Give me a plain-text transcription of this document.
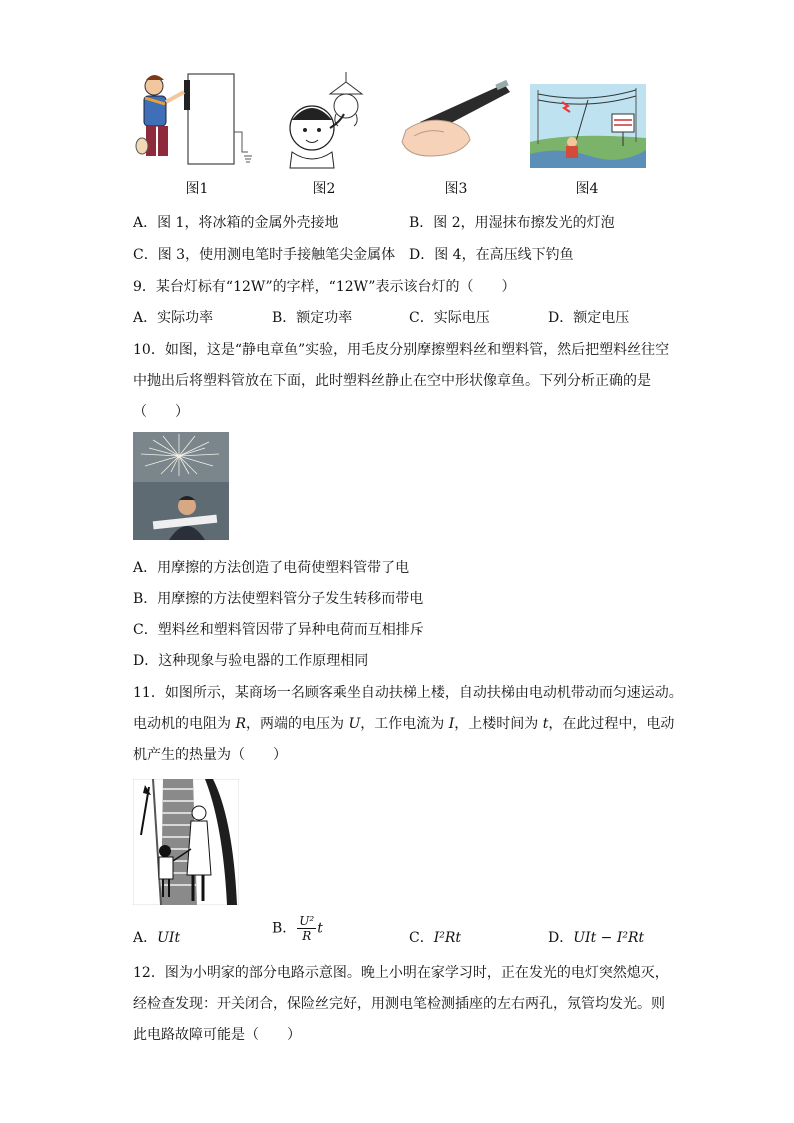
图1	图2	图3	图4
A．图 1，将冰箱的金属外壳接地	B．图 2，用湿抹布擦发光的灯泡
C．图 3，使用测电笔时手接触笔尖金属体 D．图 4，在高压线下钓鱼
9．某台灯标有“12W”的字样，“12W”表示该台灯的（　　）
A．实际功率	B．额定功率	C．实际电压	D．额定电压
10．如图，这是“静电章鱼”实验，用毛皮分别摩擦塑料丝和塑料管，然后把塑料丝往空
中抛出后将塑料管放在下面，此时塑料丝静止在空中形状像章鱼。下列分析正确的是
（　　）
A．用摩擦的方法创造了电荷使塑料管带了电
B．用摩擦的方法使塑料管分子发生转移而带电
C．塑料丝和塑料管因带了异种电荷而互相排斥
D．这种现象与验电器的工作原理相同
11．如图所示，某商场一名顾客乘坐自动扶梯上楼，自动扶梯由电动机带动而匀速运动。
电动机的电阻为 R，两端的电压为 U，工作电流为 I，上楼时间为 t，在此过程中，电动
机产生的热量为（　　）
A．UIt
B． $\frac{\text{U²}}{R}$ t
C．I²Rt	D．UIt − I²Rt
12．图为小明家的部分电路示意图。晚上小明在家学习时，正在发光的电灯突然熄灭，
经检查发现：开关闭合，保险丝完好，用测电笔检测插座的左右两孔，氖管均发光。则
此电路故障可能是（　　）
